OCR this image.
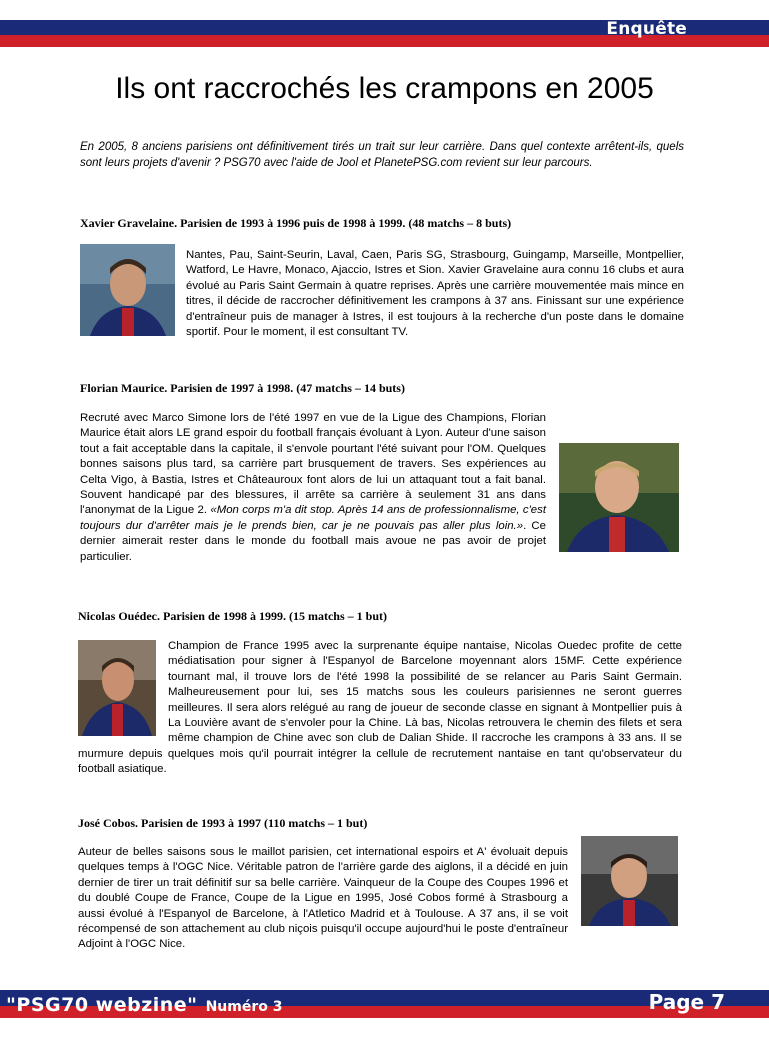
Enquête
Ils ont raccrochés les crampons en 2005
En 2005, 8 anciens parisiens ont définitivement tirés un trait sur leur carrière. Dans quel contexte arrêtent-ils, quels sont leurs projets d'avenir ? PSG70 avec l'aide de Jool et PlanetePSG.com revient sur leur parcours.
Xavier Gravelaine. Parisien de 1993 à 1996 puis de 1998 à 1999. (48 matchs – 8 buts)
Nantes, Pau, Saint-Seurin, Laval, Caen, Paris SG, Strasbourg, Guingamp, Marseille, Montpellier, Watford, Le Havre, Monaco, Ajaccio, Istres et Sion. Xavier Gravelaine aura connu 16 clubs et aura évolué au Paris Saint Germain à quatre reprises. Après une carrière mouvementée mais mince en titres, il décide de raccrocher définitivement les crampons à 37 ans. Finissant sur une expérience d'entraîneur puis de manager à Istres, il est toujours à la recherche d'un poste dans le domaine sportif. Pour le moment, il est consultant TV.
Florian Maurice. Parisien de 1997 à 1998. (47 matchs – 14 buts)
Recruté avec Marco Simone lors de l'été 1997 en vue de la Ligue des Champions, Florian Maurice était alors LE grand espoir du football français évoluant à Lyon. Auteur d'une saison tout a fait acceptable dans la capitale, il s'envole pourtant l'été suivant pour l'OM. Quelques bonnes saisons plus tard, sa carrière part brusquement de travers. Ses expériences au Celta Vigo, à Bastia, Istres et Châteauroux font alors de lui un attaquant tout a fait banal. Souvent handicapé par des blessures, il arrête sa carrière à seulement 31 ans dans l'anonymat de la Ligue 2. «Mon corps m'a dit stop. Après 14 ans de professionnalisme, c'est toujours dur d'arrêter mais je le prends bien, car je ne pouvais pas aller plus loin.». Ce dernier aimerait rester dans le monde du football mais avoue ne pas avoir de projet particulier.
Nicolas Ouédec. Parisien de 1998 à 1999. (15 matchs – 1 but)
Champion de France 1995 avec la surprenante équipe nantaise, Nicolas Ouedec profite de cette médiatisation pour signer à l'Espanyol de Barcelone moyennant alors 15MF. Cette expérience tournant mal, il trouve lors de l'été 1998 la possibilité de se relancer au Paris Saint Germain. Malheureusement pour lui, ses 15 matchs sous les couleurs parisiennes ne seront guerres meilleures. Il sera alors relégué au rang de joueur de seconde classe en signant à Montpellier puis à La Louvière avant de s'envoler pour la Chine. Là bas, Nicolas retrouvera le chemin des filets et sera même champion de Chine avec son club de Dalian Shide. Il raccroche les crampons à 33 ans. Il se murmure depuis quelques mois qu'il pourrait intégrer la cellule de recrutement nantaise en tant qu'observateur du football asiatique.
José Cobos. Parisien de 1993 à 1997 (110 matchs – 1 but)
Auteur de belles saisons sous le maillot parisien, cet international espoirs et A' évoluait depuis quelques temps à l'OGC Nice. Véritable patron de l'arrière garde des aiglons, il a décidé en juin dernier de tirer un trait définitif sur sa belle carrière. Vainqueur de la Coupe des Coupes 1996 et du doublé Coupe de France, Coupe de la Ligue en 1995, José Cobos formé à Strasbourg a aussi évolué à l'Espanyol de Barcelone, à l'Atletico Madrid et à Toulouse. A 37 ans, il se voit récompensé de son attachement au club niçois puisqu'il occupe aujourd'hui le poste d'entraîneur Adjoint à l'OGC Nice.
"PSG70 webzine" Numéro 3	Page 7
